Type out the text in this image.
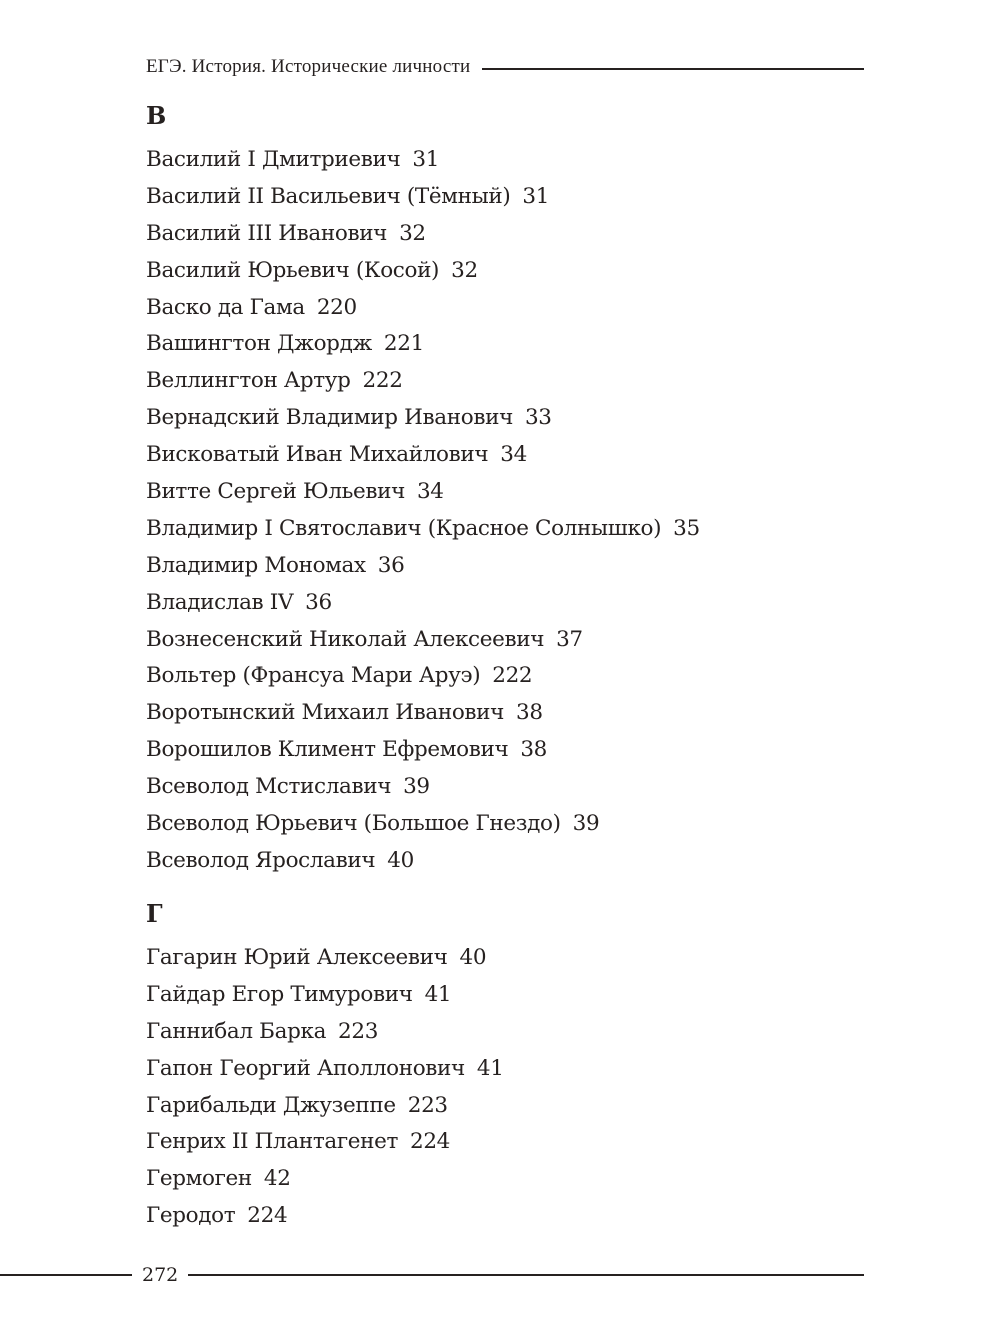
ЕГЭ. История. Исторические личности
В
Василий I Дмитриевич 31
Василий II Васильевич (Тёмный) 31
Василий III Иванович 32
Василий Юрьевич (Косой) 32
Васко да Гама 220
Вашингтон Джордж 221
Веллингтон Артур 222
Вернадский Владимир Иванович 33
Висковатый Иван Михайлович 34
Витте Сергей Юльевич 34
Владимир I Святославич (Красное Солнышко) 35
Владимир Мономах 36
Владислав IV 36
Вознесенский Николай Алексеевич 37
Вольтер (Франсуа Мари Аруэ) 222
Воротынский Михаил Иванович 38
Ворошилов Климент Ефремович 38
Всеволод Мстиславич 39
Всеволод Юрьевич (Большое Гнездо) 39
Всеволод Ярославич 40
Г
Гагарин Юрий Алексеевич 40
Гайдар Егор Тимурович 41
Ганнибал Барка 223
Гапон Георгий Аполлонович 41
Гарибальди Джузеппе 223
Генрих II Плантагенет 224
Гермоген 42
Геродот 224
272
